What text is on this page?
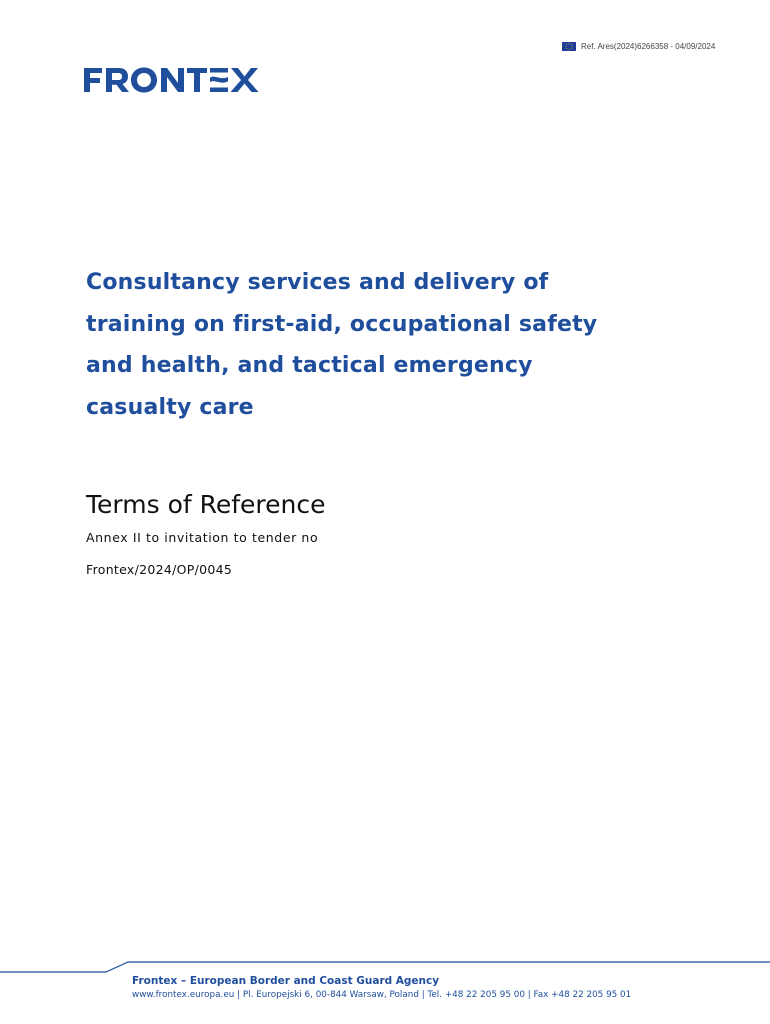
Ref. Ares(2024)6266358 - 04/09/2024
Consultancy services and delivery of training on first-aid, occupational safety and health, and tactical emergency casualty care
Terms of Reference

Annex II to invitation to tender no

Frontex/2024/OP/0045

Frontex – European Border and Coast Guard Agency

www.frontex.europa.eu | Pl. Europejski 6, 00-844 Warsaw, Poland | Tel. +48 22 205 95 00 | Fax +48 22 205 95 01
